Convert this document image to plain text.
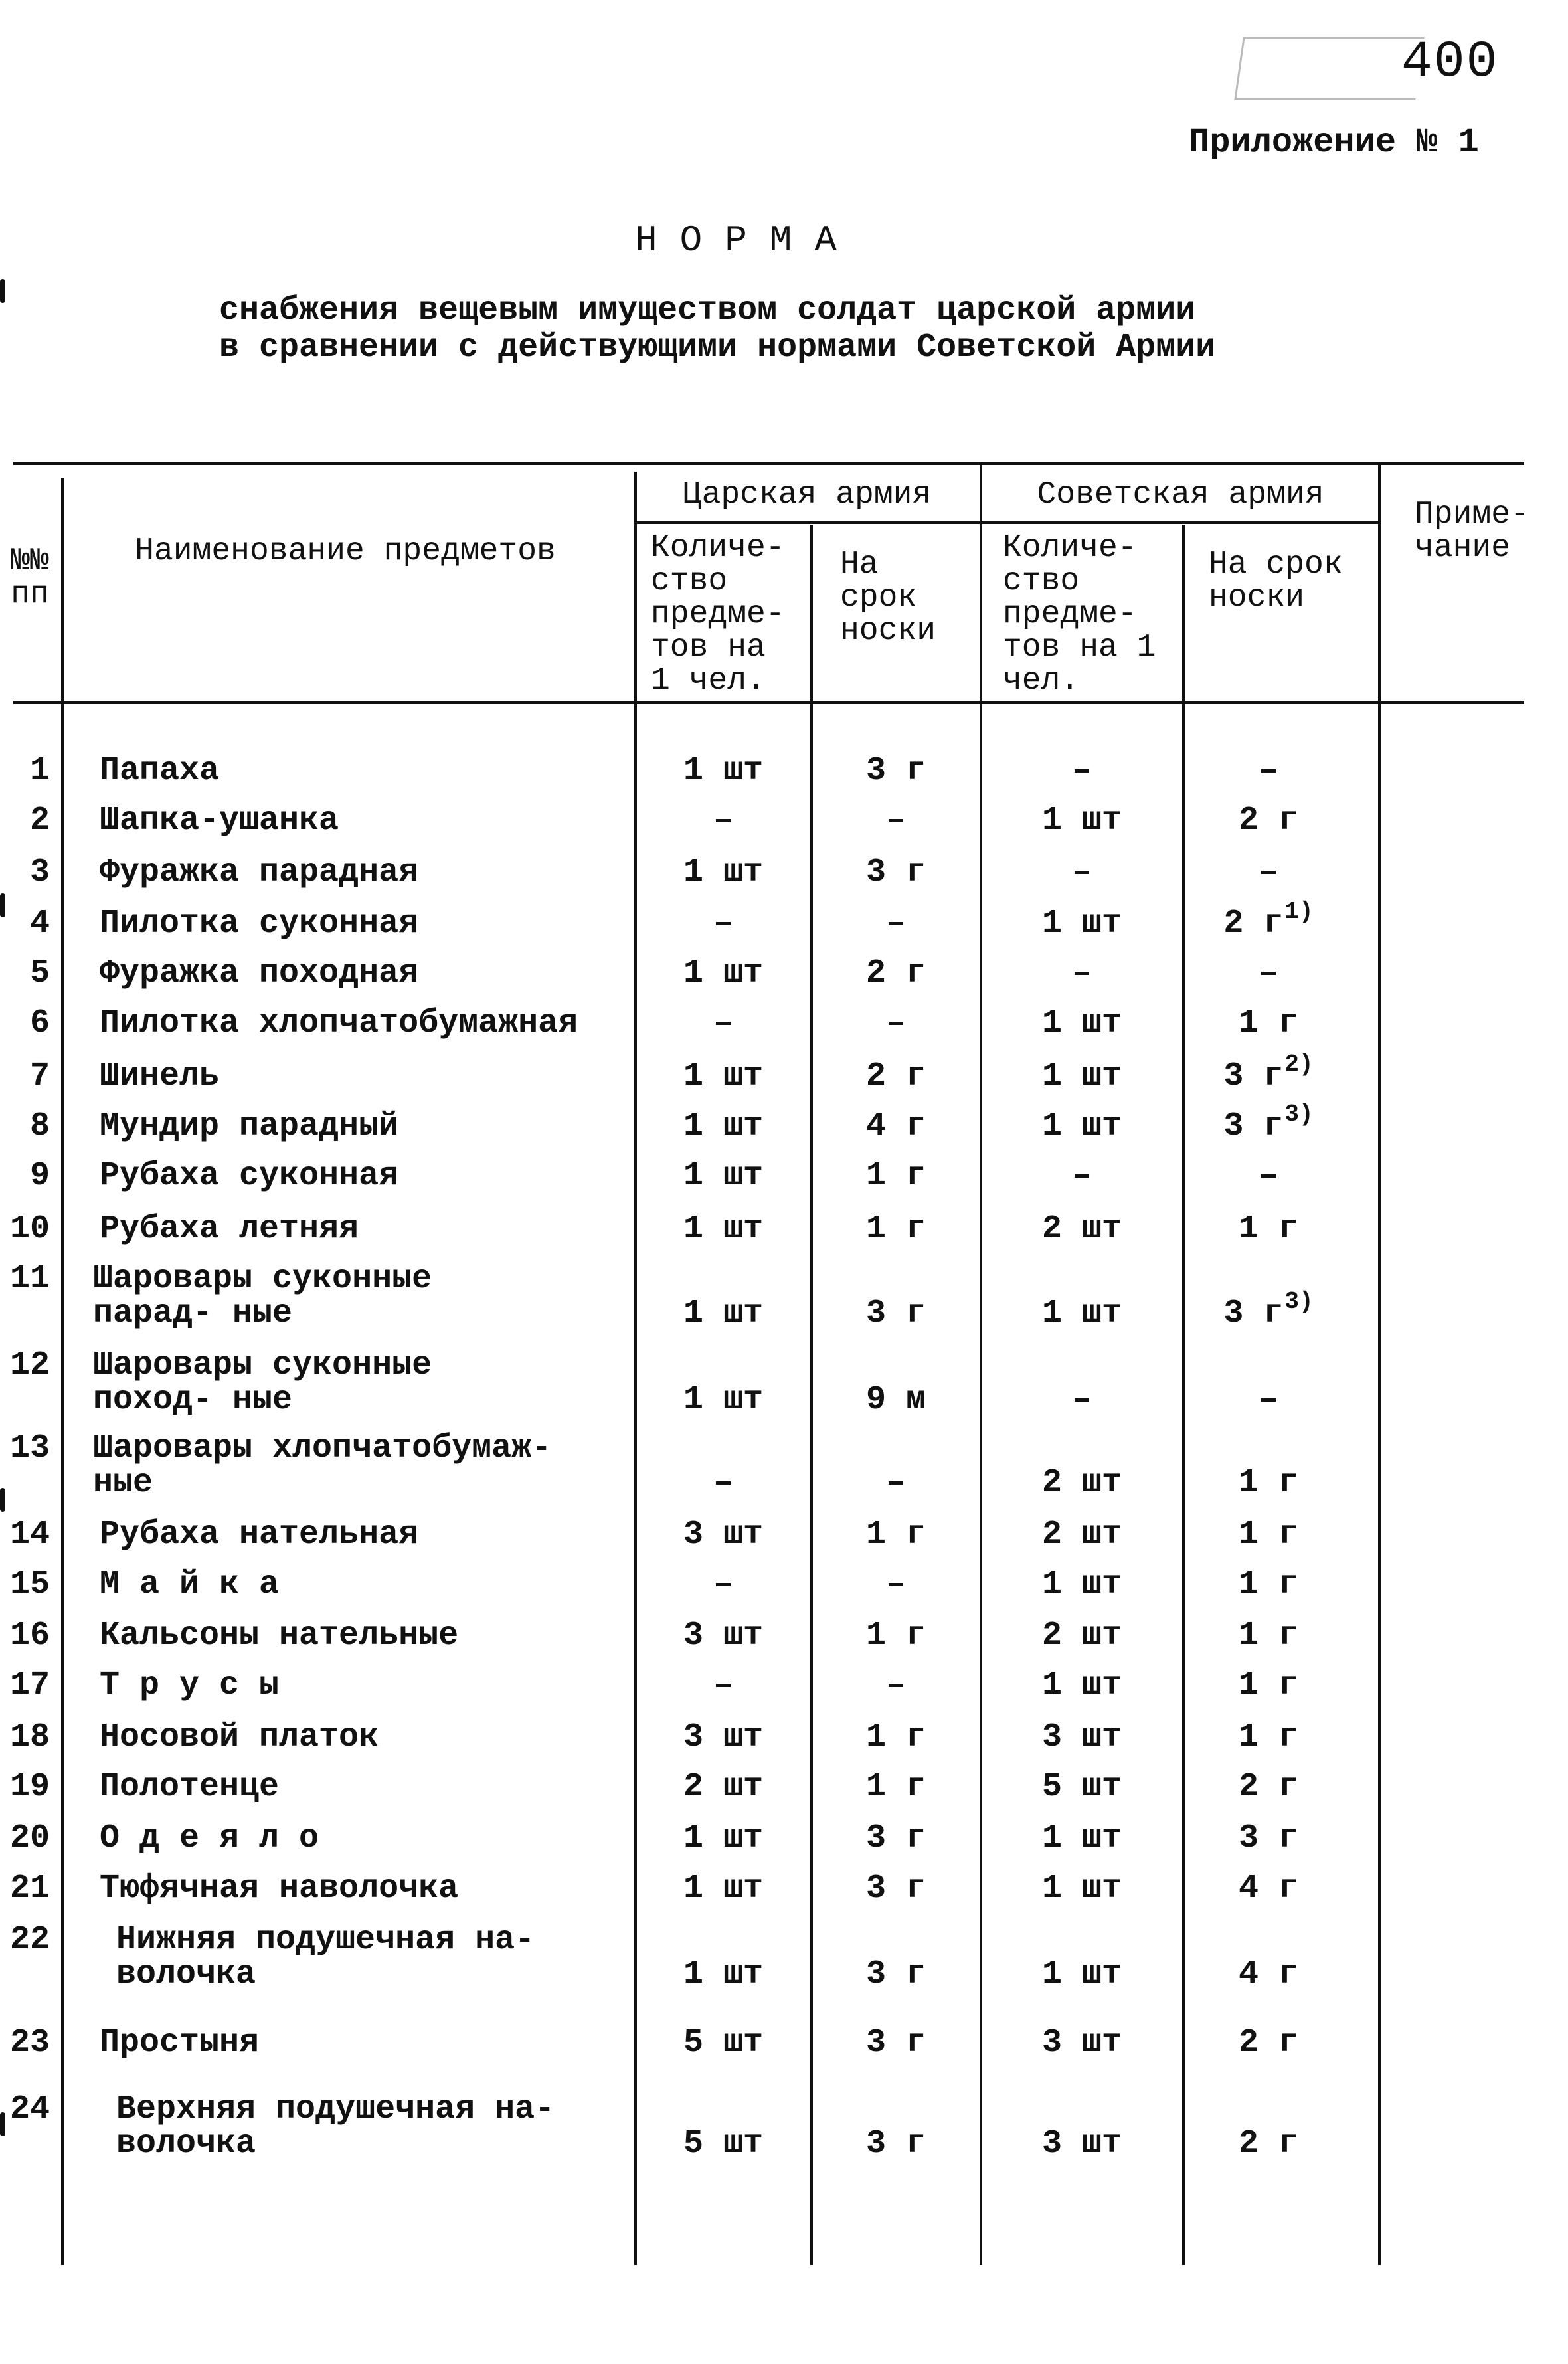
400
Приложение № 1
НОРМА
снабжения вещевым имуществом солдат царской армии
в сравнении с действующими нормами Советской Армии
№№ пп
Наименование предметов
Царская армия	Советская армия
Количе- ство предме- тов на 1 чел.
На срок носки
Количе- ство предме- тов на 1 чел.
На срок носки
Приме- чание
1 Папаха	1 шт	3 г	–	–
2 Шапка-ушанка	–	–	1 шт	2 г
3 Фуражка парадная	1 шт	3 г	–	–
4 Пилотка суконная	–	–	1 шт	2 $г^{1)}$
5 Фуражка походная	1 шт	2 г	–	–
6 Пилотка хлопчатобумажная	–	–	1 шт	1 г
7 Шинель	1 шт	2 г	1 шт	3 $г^{2)}$
8 Мундир парадный	1 шт	4 г	1 шт	3 $г^{3)}$
9 Рубаха суконная	1 шт	1 г	–	–
10 Рубаха летняя	1 шт	1 г	2 шт	1 г
11 Шаровары суконные парад- ные	1 шт	3 г	1 шт	3 $г^{3)}$
12 Шаровары суконные поход- ные	1 шт	9 м	–	–
13 Шаровары хлопчатобумаж- ные	–	–	2 шт	1 г
14 Рубаха нательная	3 шт	1 г	2 шт	1 г
15 М а й к а	–	–	1 шт	1 г
16 Кальсоны нательные	3 шт	1 г	2 шт	1 г
17 Т р у с ы	–	–	1 шт	1 г
18 Носовой платок	3 шт	1 г	3 шт	1 г
19 Полотенце	2 шт	1 г	5 шт	2 г
20 О д е я л о	1 шт	3 г	1 шт	3 г
21 Тюфячная наволочка	1 шт	3 г	1 шт	4 г
22 Нижняя подушечная на- волочка	1 шт	3 г	1 шт	4 г
23 Простыня	5 шт	3 г	3 шт	2 г
24 Верхняя подушечная на- волочка	5 шт	3 г	3 шт	2 г
